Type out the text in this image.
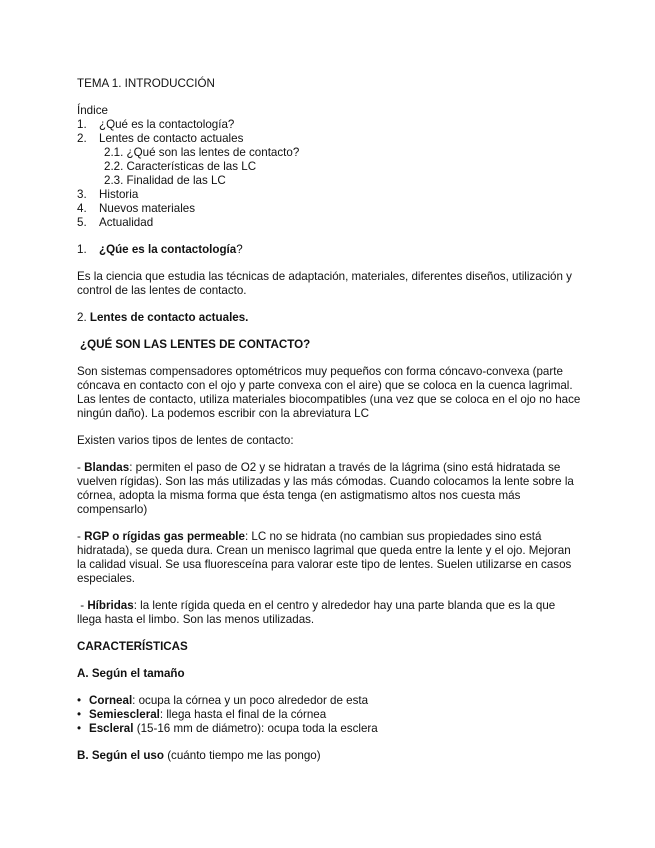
TEMA 1. INTRODUCCIÓN

Índice

1.	¿Qué es la contactología?
2.	Lentes de contacto actuales
2.1. ¿Qué son las lentes de contacto?
2.2. Características de las LC
2.3. Finalidad de las LC
3.	Historia
4.	Nuevos materiales
5.	Actualidad
1.	¿Qúe es la contactología?

Es la ciencia que estudia las técnicas de adaptación, materiales, diferentes diseños, utilización y control de las lentes de contacto.

2. Lentes de contacto actuales.

¿QUÉ SON LAS LENTES DE CONTACTO?

Son sistemas compensadores optométricos muy pequeños con forma cóncavo-convexa (parte cóncava en contacto con el ojo y parte convexa con el aire) que se coloca en la cuenca lagrimal. Las lentes de contacto, utiliza materiales biocompatibles (una vez que se coloca en el ojo no hace ningún daño). La podemos escribir con la abreviatura LC

Existen varios tipos de lentes de contacto:

- Blandas: permiten el paso de O2 y se hidratan a través de la lágrima (sino está hidratada se vuelven rígidas). Son las más utilizadas y las más cómodas. Cuando colocamos la lente sobre la córnea, adopta la misma forma que ésta tenga (en astigmatismo altos nos cuesta más compensarlo)

- RGP o rígidas gas permeable: LC no se hidrata (no cambian sus propiedades sino está hidratada), se queda dura. Crean un menisco lagrimal que queda entre la lente y el ojo. Mejoran la calidad visual. Se usa fluoresceína para valorar este tipo de lentes. Suelen utilizarse en casos especiales.

- Híbridas: la lente rígida queda en el centro y alrededor hay una parte blanda que es la que llega hasta el limbo. Son las menos utilizadas.

CARACTERÍSTICAS

A. Según el tamaño

• Corneal: ocupa la córnea y un poco alrededor de esta
• Semiescleral: llega hasta el final de la córnea
• Escleral (15-16 mm de diámetro): ocupa toda la esclera

B. Según el uso (cuánto tiempo me las pongo)
